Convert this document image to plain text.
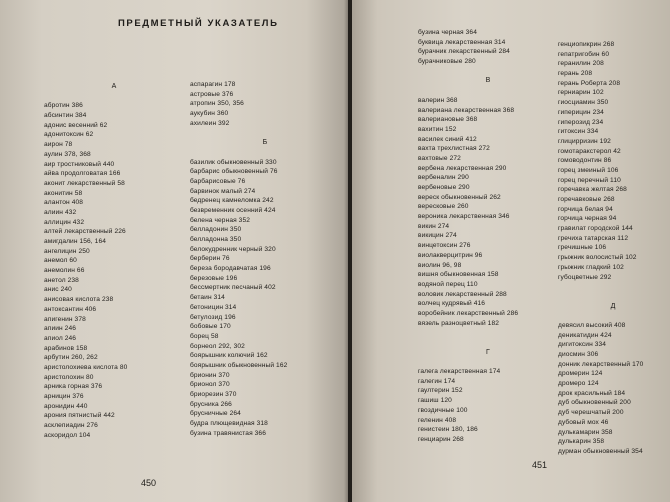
ПРЕДМЕТНЫЙ УКАЗАТЕЛЬ
А
абротин 386
абсинтин 384
адонис весенний 62
адонитоксин 62
аирон 78
аулин 378, 368
аир тростниковый 440
айва продолговатая 166
аконит лекарственный 58
аконитин 58
алантон 408
алиин 432
аллицин 432
алтей лекарственный 226
амигдалин 156, 164
ангелицин 250
анемол 60
анемолин 66
анетол 238
анис 240
анисовая кислота 238
антоксантин 406
апигенин 378
апиин 246
апиол 246
арабинов 158
арбутин 260, 262
аристолохиева кислота 80
аристолохин 80
арника горная 376
арницин 376
аронидин 440
арония пятнистый 442
асклепиадин 276
аскоридол 104
аспарагин 178
астровые 376
атропин 350, 356
аукубин 360
ахилеин 392
Б
базилик обыкновенный 330
барбарис обыкновенный 76
барбарисовые 76
барвинок малый 274
бедренец камнеломка 242
безвременник осенний 424
белена черная 352
белладонин 350
белладонна 350
белокудренник черный 320
берберин 76
береза бородавчатая 196
березовые 196
бессмертник песчаный 402
бетаин 314
бетоницин 314
бетулозид 196
бобовые 170
борец 58
борнеол 292, 302
боярышник колючий 162
боярышник обыкновенный 162
брионин 370
брионол 370
бриорезин 370
брусника 266
брусничные 264
будра плющевидная 318
бузина травянистая 366

450

бузина черная 364
буквица лекарственная 314
бурачник лекарственный 284
бурачниковые 280
В
валерин 368
валериана лекарственная 368
валериановые 368
вахитин 152
василек синий 412
вахта трехлистная 272
вахтовые 272
вербена лекарственная 290
вербеналин 290
вербеновые 290
вереск обыкновенный 262
вересковые 260
вероника лекарственная 346
викин 274
викицин 274
винцетоксин 276
виолакверцитрин 96
виолин 96, 98
вишня обыкновенная 158
водяной перец 110
воловик лекарственный 288
волчец кудрявый 416
воробейник лекарственный 286
вязель разноцветный 182
Г
галега лекарственная 174
галегин 174
гаултерин 152
гашиш 120
гвоздичные 100
геленин 408
генистеин 180, 186
генциарин 268
генциопикрин 268
гепатригобин 60
геранилин 208
герань 208
герань Роберта 208
герниарин 102
гиосциамин 350
гиперицин 234
гиперозид 234
гитоксин 334
глицирризин 192
гомотаракстерол 42
гомоводонтин 86
горец змеиный 106
горец перечный 110
горечавка желтая 268
горечавковые 268
горчица белая 94
горчица черная 94
гравилат городской 144
гречиха татарская 112
гречишные 106
грыжник волосистый 102
грыжник гладкий 102
губоцветные 292
Д
девясил высокий 408
деникатидин 424
дигитоксин 334
диосмин 306
донник лекарственный 170
дромерин 124
дромеро 124
дрок красильный 184
дуб обыкновенный 200
дуб черешчатый 200
дубовый мох 46
дулькамарин 358
дулькарин 358
дурман обыкновенный 354

451
